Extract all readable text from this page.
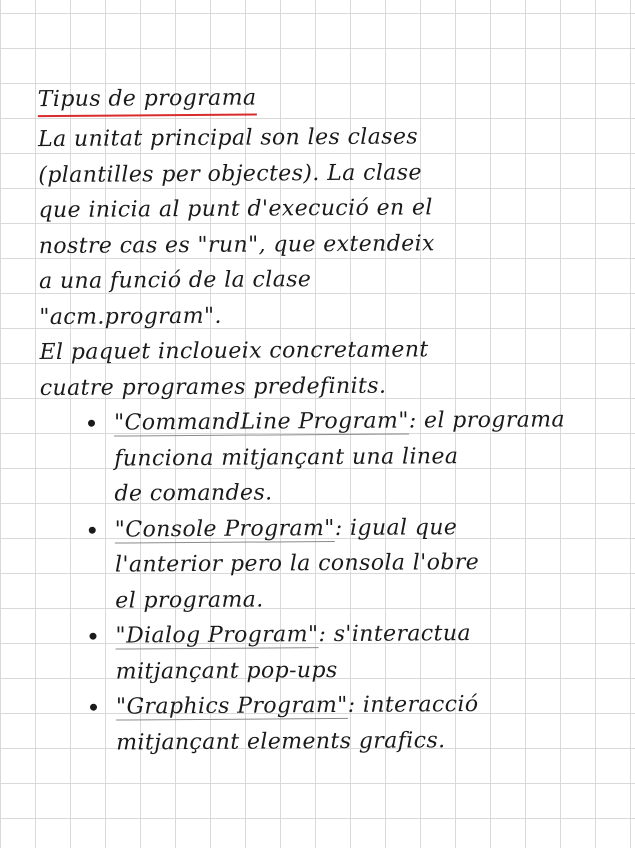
Tipus de programa
La unitat principal son les clases
(plantilles per objectes). La clase
que inicia al punt d'execució en el
nostre cas es "run", que extendeix
a una funció de la clase
"acm.program".
El paquet incloueix concretament
cuatre programes predefinits.
"CommandLine Program": el programa
funciona mitjançant una linea
de comandes.
"Console Program": igual que
l'anterior pero la consola l'obre
el programa.
"Dialog Program": s'interactua
mitjançant pop-ups
"Graphics Program": interacció
mitjançant elements grafics.
